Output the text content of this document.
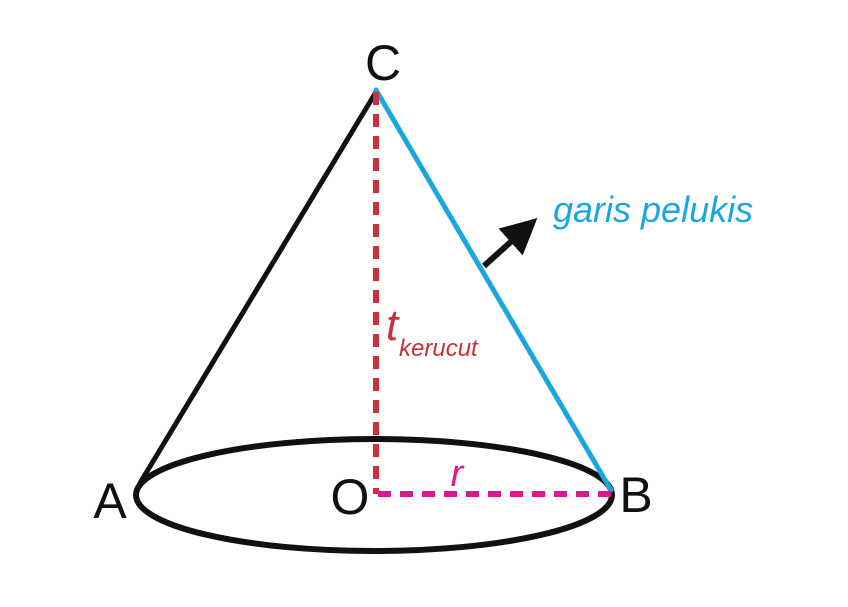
C
A	B
O
t kerucut
r
garis pelukis
